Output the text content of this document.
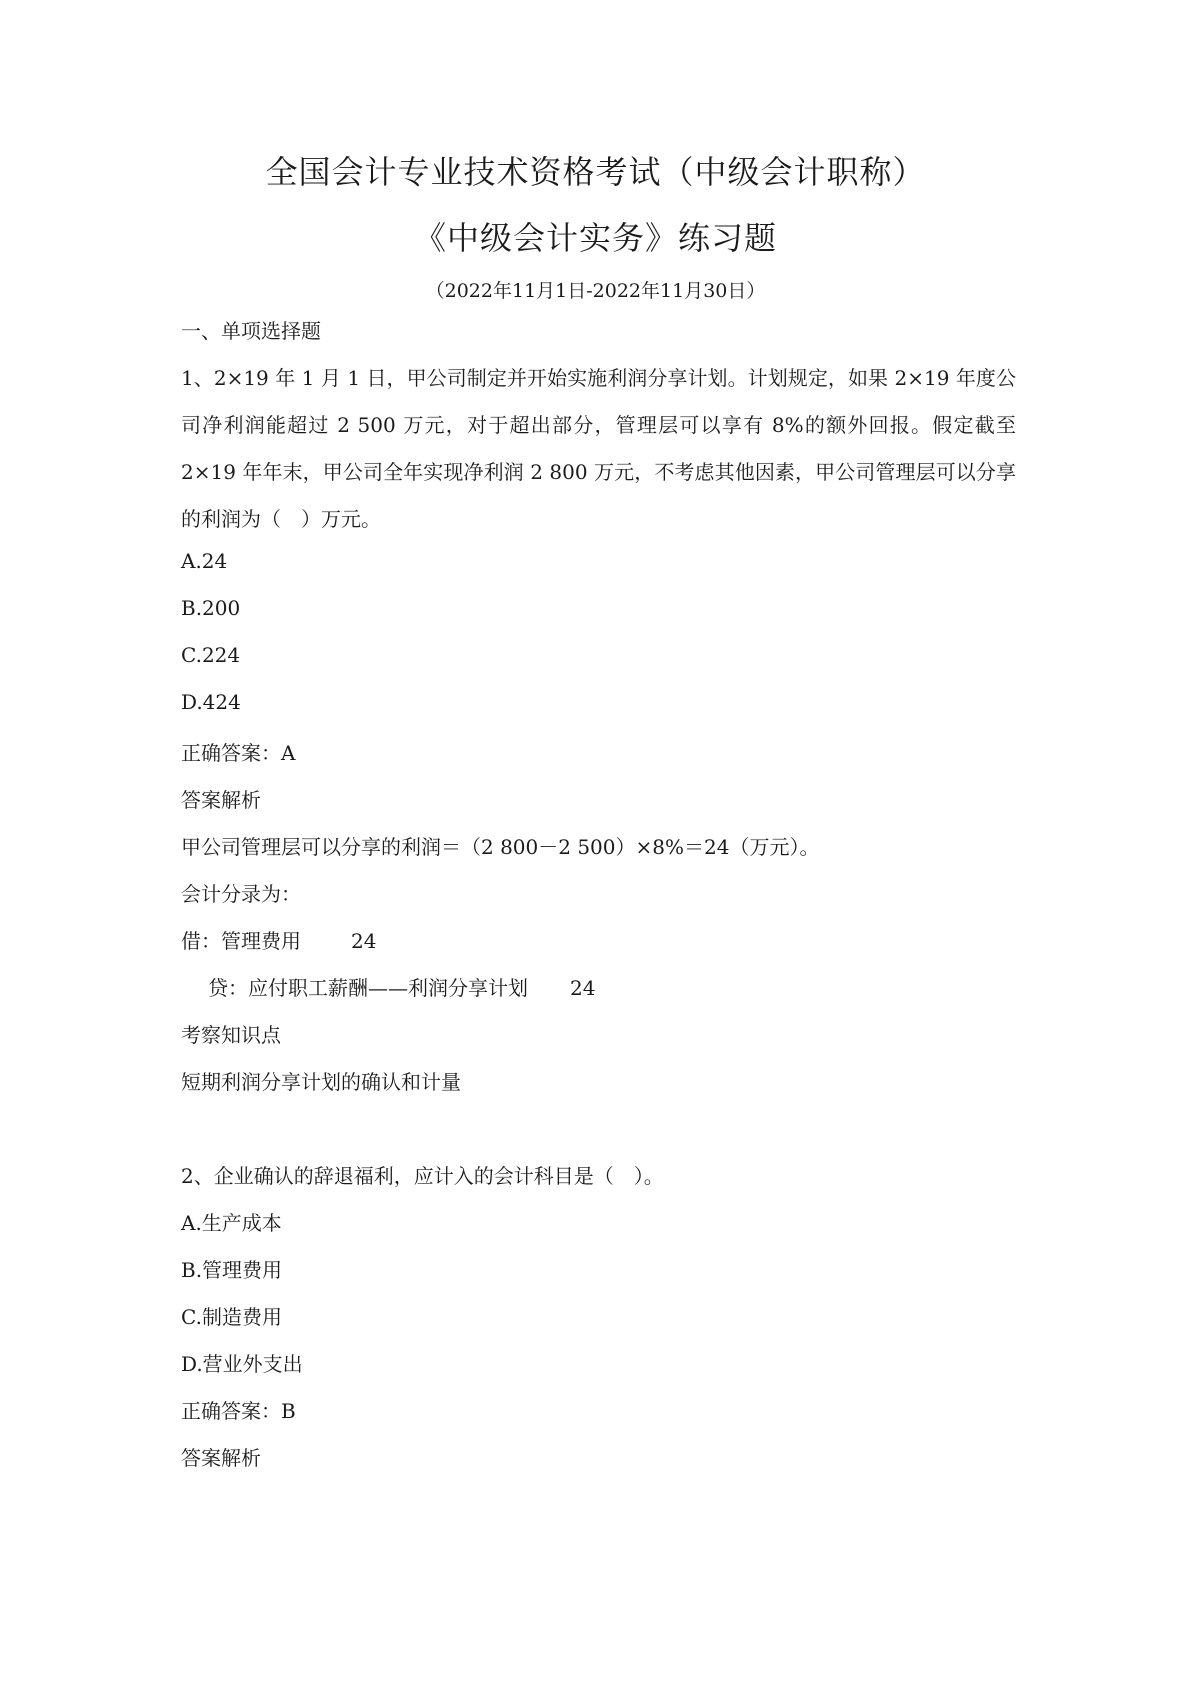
全国会计专业技术资格考试（中级会计职称）
《中级会计实务》练习题
（2022年11月1日-2022年11月30日）
一、单项选择题
1、2×19 年 1 月 1 日，甲公司制定并开始实施利润分享计划。计划规定，如果 2×19 年度公司净利润能超过 2 500 万元，对于超出部分，管理层可以享有 8%的额外回报。假定截至 2×19 年年末，甲公司全年实现净利润 2 800 万元，不考虑其他因素，甲公司管理层可以分享的利润为（　）万元。
A.24
B.200
C.224
D.424
正确答案：A
答案解析
甲公司管理层可以分享的利润＝（2 800－2 500）×8%＝24（万元）。
会计分录为：
借：管理费用	24
贷：应付职工薪酬——利润分享计划 24
考察知识点
短期利润分享计划的确认和计量
2、企业确认的辞退福利，应计入的会计科目是（　）。
A.生产成本
B.管理费用
C.制造费用
D.营业外支出
正确答案：B
答案解析
